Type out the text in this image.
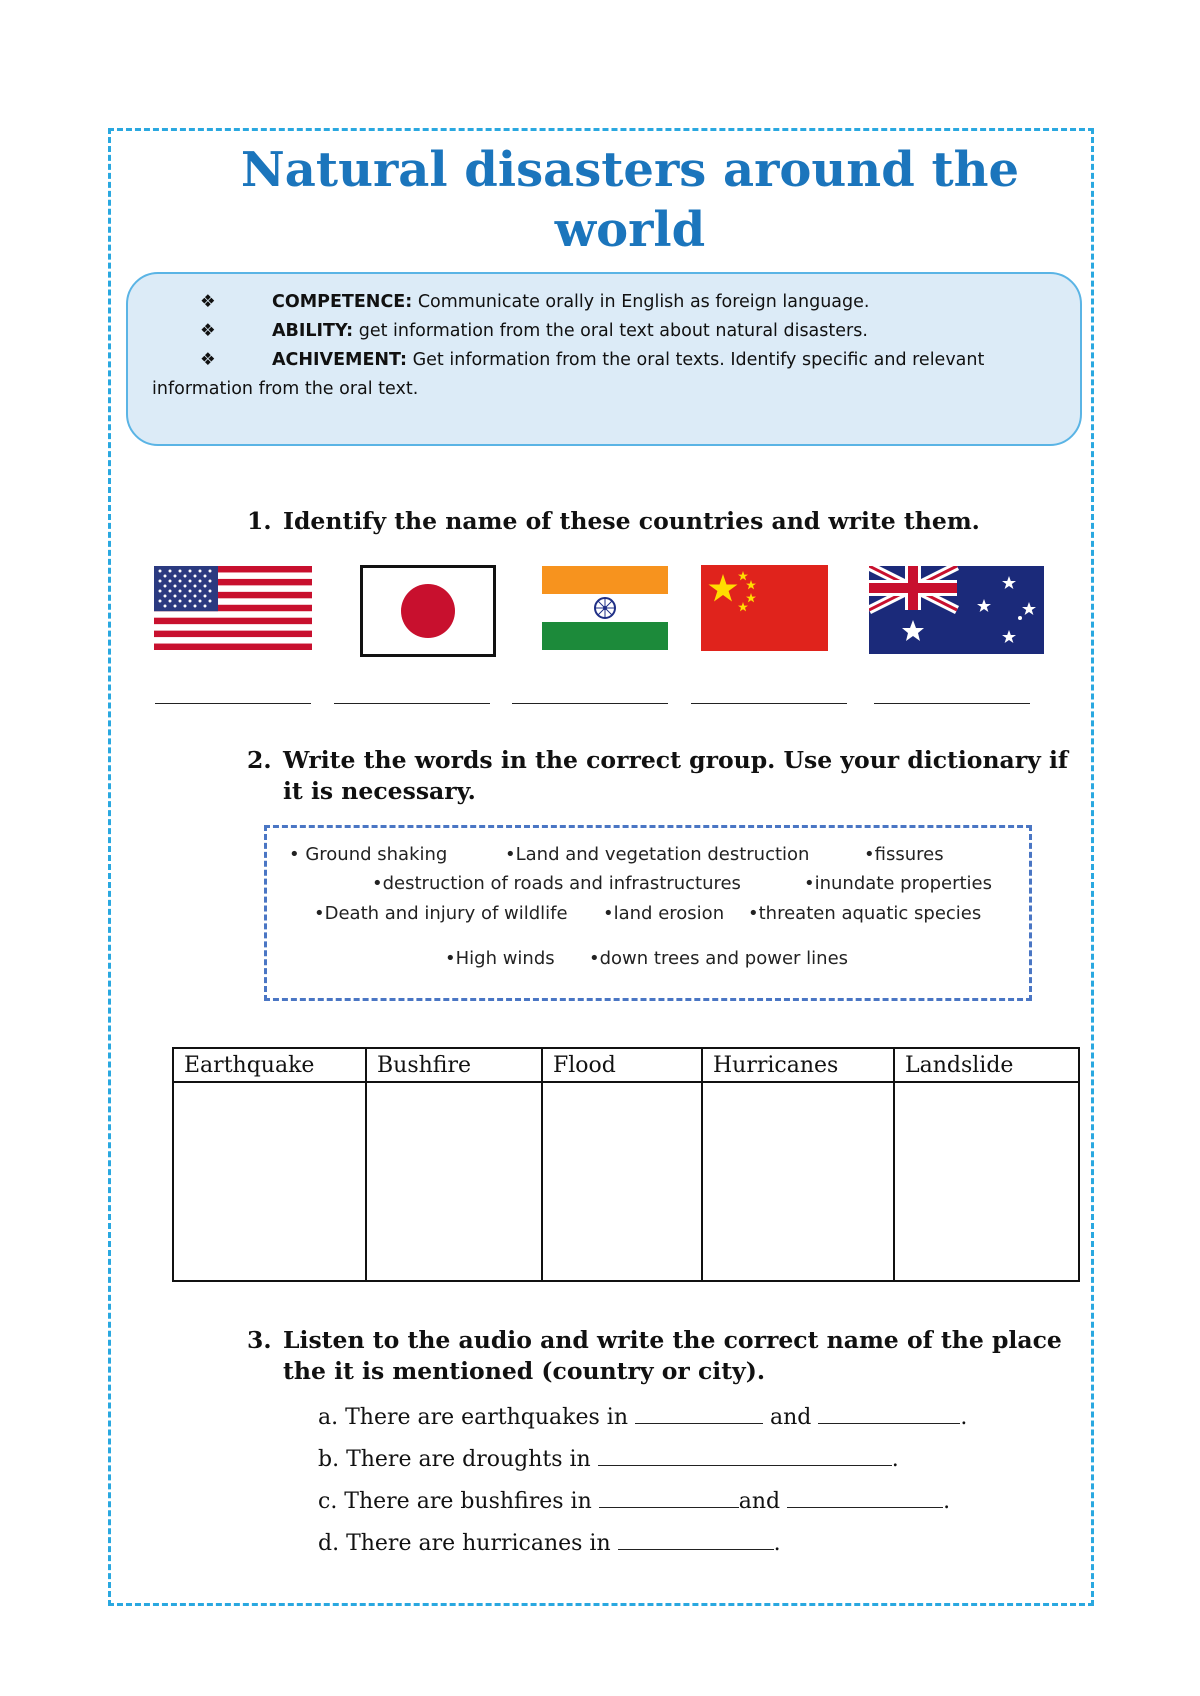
Natural disasters around the
world
❖	COMPETENCE: Communicate orally in English as foreign language.
❖	ABILITY: get information from the oral text about natural disasters.
❖	ACHIVEMENT: Get information from the oral texts. Identify specific and relevant
information from the oral text.
1. Identify the name of these countries and write them.
2. Write the words in the correct group. Use your dictionary if
it is necessary.
• Ground shaking	•Land and vegetation destruction	•fissures
•destruction of roads and infrastructures	•inundate properties
•Death and injury of wildlife •land erosion •threaten aquatic species
•High winds •down trees and power lines
Earthquake	Bushfire	Flood	Hurricanes	Landslide

3. Listen to the audio and write the correct name of the place
the it is mentioned (country or city).
a. There are earthquakes in	and	.
b. There are droughts in	.
c. There are bushfires in	and	.
d. There are hurricanes in	.
